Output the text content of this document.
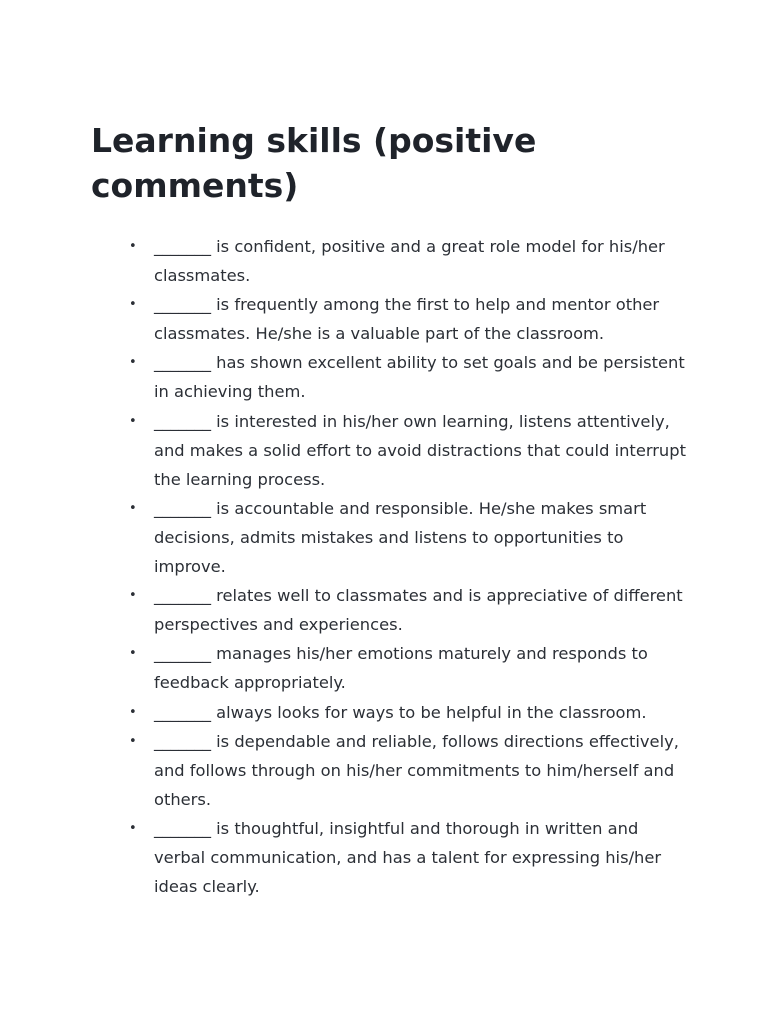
Learning skills (positive comments)
• _______ is confident, positive and a great role model for his/her classmates.
• _______ is frequently among the first to help and mentor other classmates. He/she is a valuable part of the classroom.
• _______ has shown excellent ability to set goals and be persistent in achieving them.
• _______ is interested in his/her own learning, listens attentively, and makes a solid effort to avoid distractions that could interrupt the learning process.
• _______ is accountable and responsible. He/she makes smart decisions, admits mistakes and listens to opportunities to improve.
• _______ relates well to classmates and is appreciative of different perspectives and experiences.
• _______ manages his/her emotions maturely and responds to feedback appropriately.
• _______ always looks for ways to be helpful in the classroom.
• _______ is dependable and reliable, follows directions effectively, and follows through on his/her commitments to him/herself and others.
• _______ is thoughtful, insightful and thorough in written and verbal communication, and has a talent for expressing his/her ideas clearly.
